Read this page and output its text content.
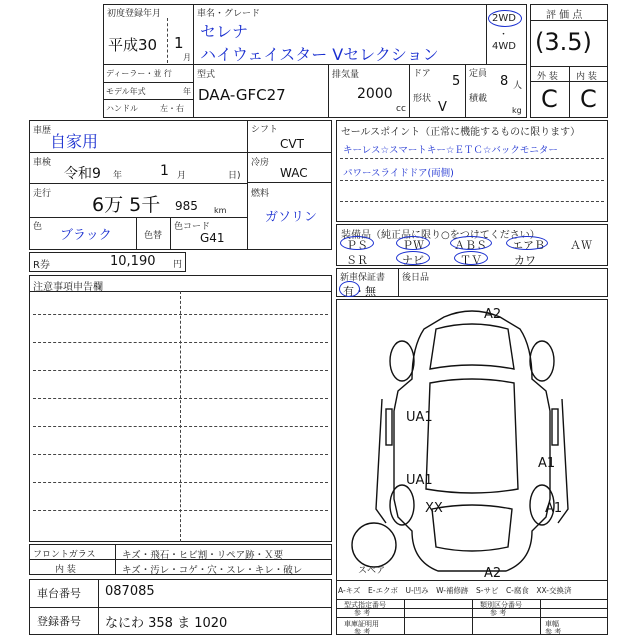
初度登録年月
平成30 1
月
車名・グレード
セレナ
ハイウェイスター Vセレクション
2WD
・
4WD
ディーラー・並 行
モデル年式	年
ハンドル	左・右
型式
DAA-GFC27
排気量
2000
cc
ドア 5
形状
V
定員 8 人
積載
kg
評 価 点
(3.5)
外 装 内 装
C C
車歴
自家用
車検
令和9 年	1 月	日)
走行 6万 5千 985 km
色
ブラック	色替
色コード
G41
シフト
CVT
冷房
WAC
燃料
ガソリン
R券	10,190 円
セールスポイント（正常に機能するものに限ります）
キーレス☆スマートキー☆ＥＴＣ☆バックモニター
パワースライドドア(両側)
装備品（純正品に限り○をつけてください）
ＰＳ	ＰＷ	ＡＢＳ エアＢ ＡＷ
ＳＲ	ナビ	ＴＶ	カワ
新車保証書
有・無
後日品
注意事項申告欄
A2
UA1
A1
UA1
XX	A1
A2
スペア
A-キズ　E-エクボ　U-凹み　W-補修跡　S-サビ　C-腐食　XX-交換済
フロントガラス	キズ・飛石・ヒビ割・リペア跡・Ｘ要
内 装	キズ・汚レ・コゲ・穴・スレ・キレ・破レ
車台番号 087085
登録番号 なにわ 358 ま 1020
型式指定番号
参 考
類別区分番号
参 考
車庫証明用
参 考
車幅
参 考
